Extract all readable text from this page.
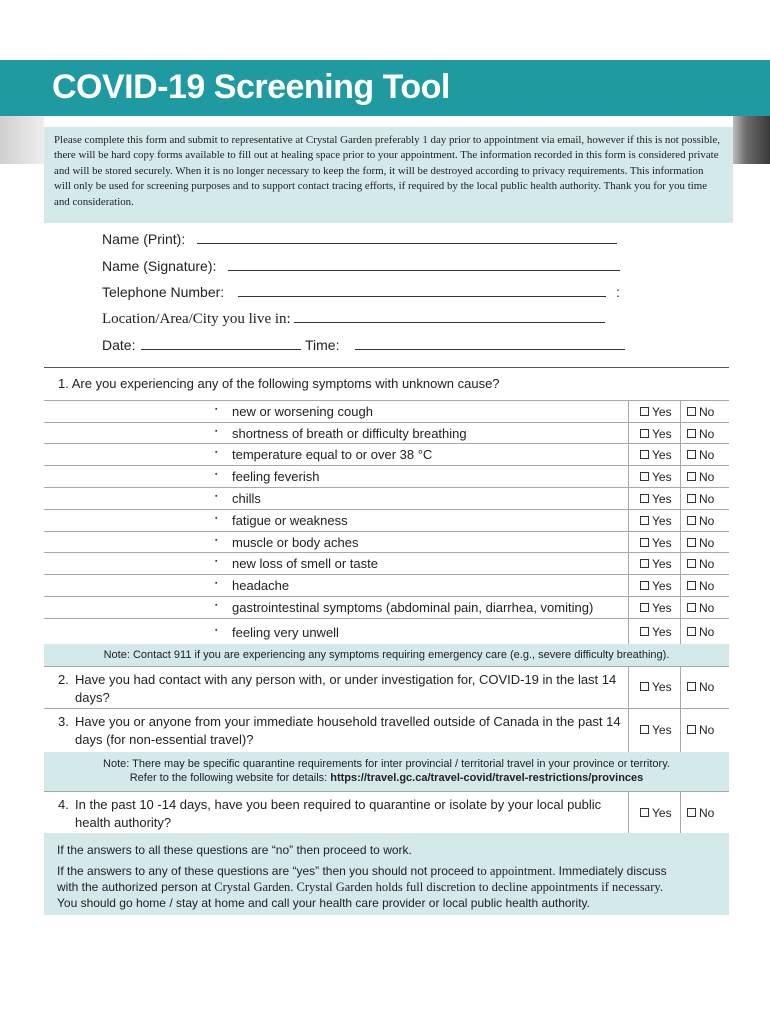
COVID-19 Screening Tool
Please complete this form and submit to representative at Crystal Garden preferably 1 day prior to appointment via email, however if this is not possible, there will be hard copy forms available to fill out at healing space prior to your appointment. The information recorded in this form is considered private and will be stored securely. When it is no longer necessary to keep the form, it will be destroyed according to privacy requirements. This information will only be used for screening purposes and to support contact tracing efforts, if required by the local public health authority. Thank you for you time and consideration.
Name (Print):
Name (Signature):
Telephone Number:	:
Location/Area/City you live in:
Date:	Time:
1. Are you experiencing any of the following symptoms with unknown cause?
▪ new or worsening cough	Yes	No
▪ shortness of breath or difficulty breathing	Yes	No
▪ temperature equal to or over 38 °C	Yes	No
▪ feeling feverish	Yes	No
▪ chills	Yes	No
▪ fatigue or weakness	Yes	No
▪ muscle or body aches	Yes	No
▪ new loss of smell or taste	Yes	No
▪ headache	Yes	No
▪ gastrointestinal symptoms (abdominal pain, diarrhea, vomiting)	Yes	No
▪ feeling very unwell	Yes	No
Note: Contact 911 if you are experiencing any symptoms requiring emergency care (e.g., severe difficulty breathing).
2. Have you had contact with any person with, or under investigation for, COVID-19 in the last 14 days?
Yes	No
3. Have you or anyone from your immediate household travelled outside of Canada in the past 14 days (for non-essential travel)?
Yes	No
Note: There may be specific quarantine requirements for inter provincial / territorial travel in your province or territory.
Refer to the following website for details: https://travel.gc.ca/travel-covid/travel-restrictions/provinces
4. In the past 10 -14 days, have you been required to quarantine or isolate by your local public health authority?
Yes	No

If the answers to all these questions are “no” then proceed to work.

If the answers to any of these questions are “yes” then you should not proceed to appointment. Immediately discuss

with the authorized person at Crystal Garden. Crystal Garden holds full discretion to decline appointments if necessary.

You should go home / stay at home and call your health care provider or local public health authority.
